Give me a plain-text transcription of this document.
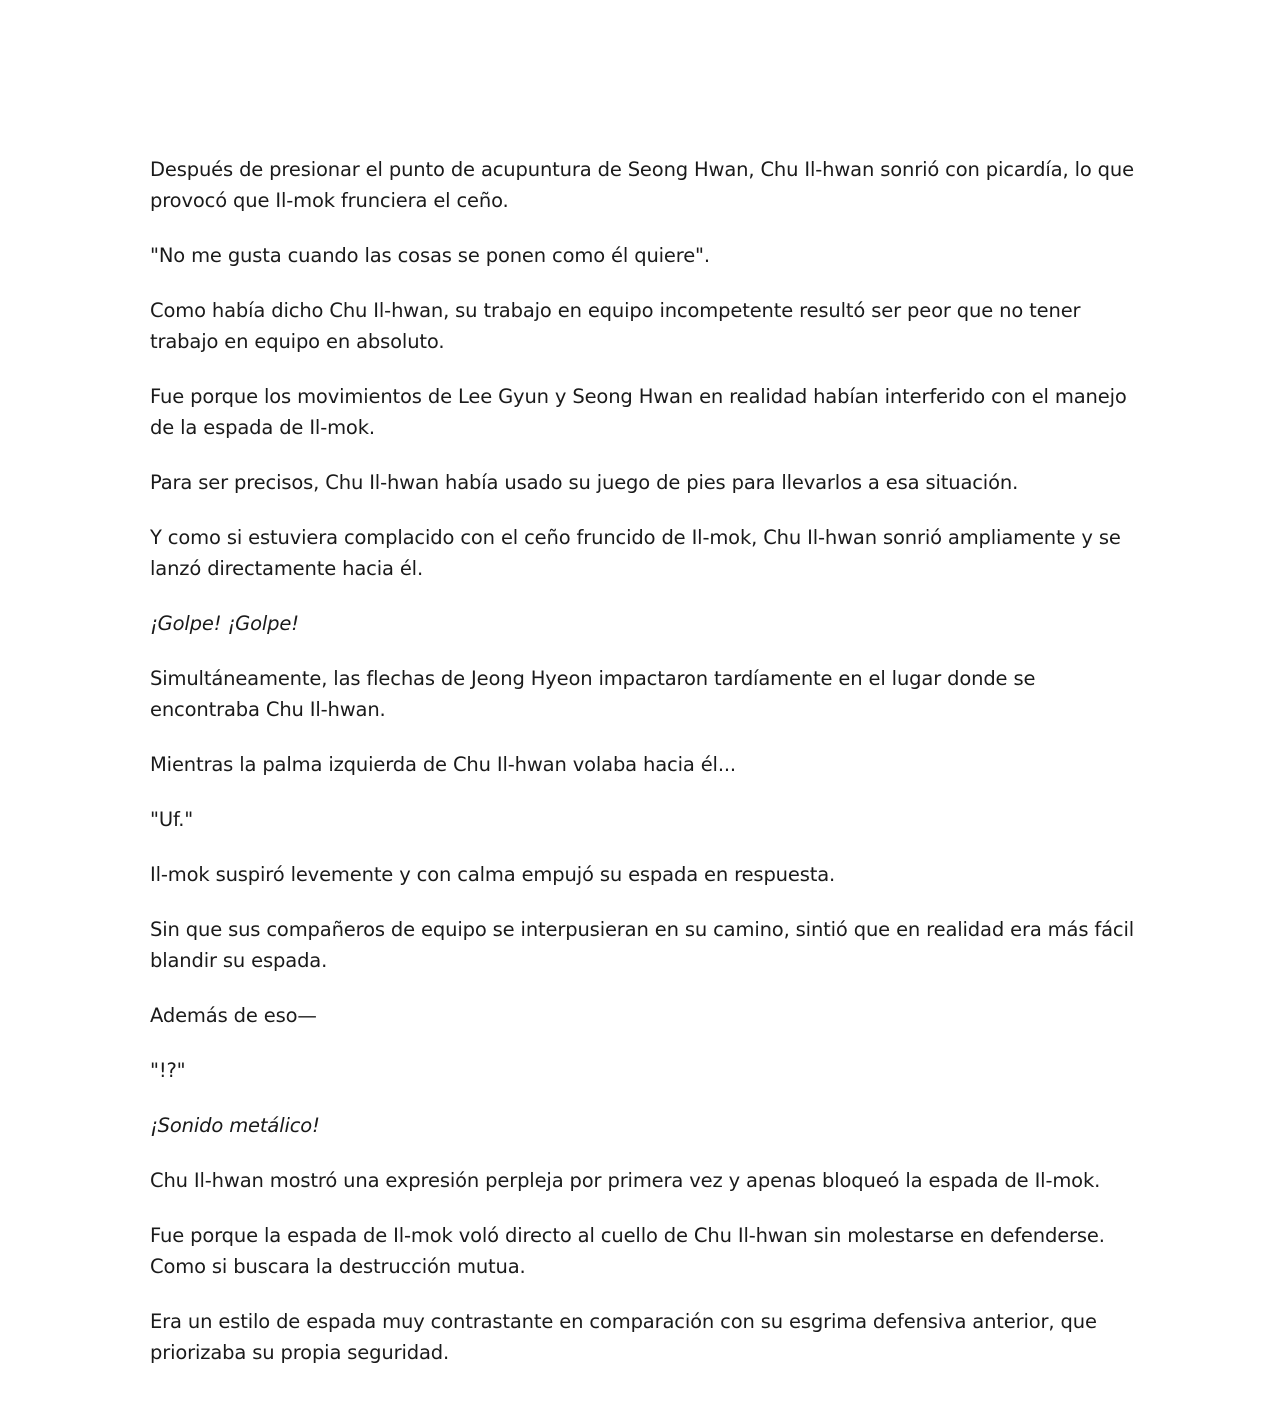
Después de presionar el punto de acupuntura de Seong Hwan, Chu Il-hwan sonrió con picardía, lo que provocó que Il-mok frunciera el ceño.

"No me gusta cuando las cosas se ponen como él quiere".

Como había dicho Chu Il-hwan, su trabajo en equipo incompetente resultó ser peor que no tener trabajo en equipo en absoluto.

Fue porque los movimientos de Lee Gyun y Seong Hwan en realidad habían interferido con el manejo de la espada de Il-mok.

Para ser precisos, Chu Il-hwan había usado su juego de pies para llevarlos a esa situación.

Y como si estuviera complacido con el ceño fruncido de Il-mok, Chu Il-hwan sonrió ampliamente y se lanzó directamente hacia él.

¡Golpe! ¡Golpe!

Simultáneamente, las flechas de Jeong Hyeon impactaron tardíamente en el lugar donde se encontraba Chu Il-hwan.

Mientras la palma izquierda de Chu Il-hwan volaba hacia él...

"Uf."

Il-mok suspiró levemente y con calma empujó su espada en respuesta.

Sin que sus compañeros de equipo se interpusieran en su camino, sintió que en realidad era más fácil blandir su espada.

Además de eso—

"!?"

¡Sonido metálico!

Chu Il-hwan mostró una expresión perpleja por primera vez y apenas bloqueó la espada de Il-mok.

Fue porque la espada de Il-mok voló directo al cuello de Chu Il-hwan sin molestarse en defenderse. Como si buscara la destrucción mutua.

Era un estilo de espada muy contrastante en comparación con su esgrima defensiva anterior, que priorizaba su propia seguridad.
